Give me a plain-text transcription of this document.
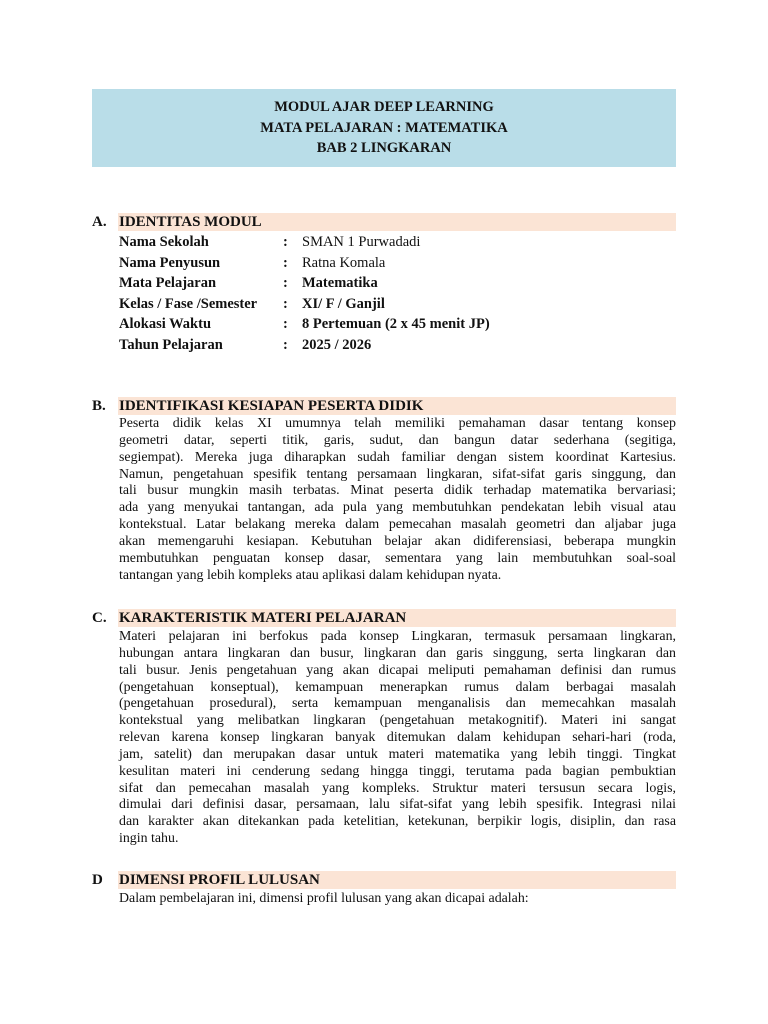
MODUL AJAR DEEP LEARNING
MATA PELAJARAN : MATEMATIKA
BAB 2 LINGKARAN
A. IDENTITAS MODUL
Nama Sekolah	: SMAN 1 Purwadadi
Nama Penyusun	: Ratna Komala
Mata Pelajaran	: Matematika
Kelas / Fase /Semester : XI/ F / Ganjil
Alokasi Waktu	: 8 Pertemuan (2 x 45 menit JP)
Tahun Pelajaran	: 2025 / 2026
B. IDENTIFIKASI KESIAPAN PESERTA DIDIK
Peserta didik kelas XI umumnya telah memiliki pemahaman dasar tentang konsep
geometri datar, seperti titik, garis, sudut, dan bangun datar sederhana (segitiga,
segiempat). Mereka juga diharapkan sudah familiar dengan sistem koordinat Kartesius.
Namun, pengetahuan spesifik tentang persamaan lingkaran, sifat-sifat garis singgung, dan
tali busur mungkin masih terbatas. Minat peserta didik terhadap matematika bervariasi;
ada yang menyukai tantangan, ada pula yang membutuhkan pendekatan lebih visual atau
kontekstual. Latar belakang mereka dalam pemecahan masalah geometri dan aljabar juga
akan memengaruhi kesiapan. Kebutuhan belajar akan didiferensiasi, beberapa mungkin
membutuhkan penguatan konsep dasar, sementara yang lain membutuhkan soal-soal
tantangan yang lebih kompleks atau aplikasi dalam kehidupan nyata.
C. KARAKTERISTIK MATERI PELAJARAN
Materi pelajaran ini berfokus pada konsep Lingkaran, termasuk persamaan lingkaran,
hubungan antara lingkaran dan busur, lingkaran dan garis singgung, serta lingkaran dan
tali busur. Jenis pengetahuan yang akan dicapai meliputi pemahaman definisi dan rumus
(pengetahuan konseptual), kemampuan menerapkan rumus dalam berbagai masalah
(pengetahuan prosedural), serta kemampuan menganalisis dan memecahkan masalah
kontekstual yang melibatkan lingkaran (pengetahuan metakognitif). Materi ini sangat
relevan karena konsep lingkaran banyak ditemukan dalam kehidupan sehari-hari (roda,
jam, satelit) dan merupakan dasar untuk materi matematika yang lebih tinggi. Tingkat
kesulitan materi ini cenderung sedang hingga tinggi, terutama pada bagian pembuktian
sifat dan pemecahan masalah yang kompleks. Struktur materi tersusun secara logis,
dimulai dari definisi dasar, persamaan, lalu sifat-sifat yang lebih spesifik. Integrasi nilai
dan karakter akan ditekankan pada ketelitian, ketekunan, berpikir logis, disiplin, dan rasa
ingin tahu.
D DIMENSI PROFIL LULUSAN
Dalam pembelajaran ini, dimensi profil lulusan yang akan dicapai adalah:
